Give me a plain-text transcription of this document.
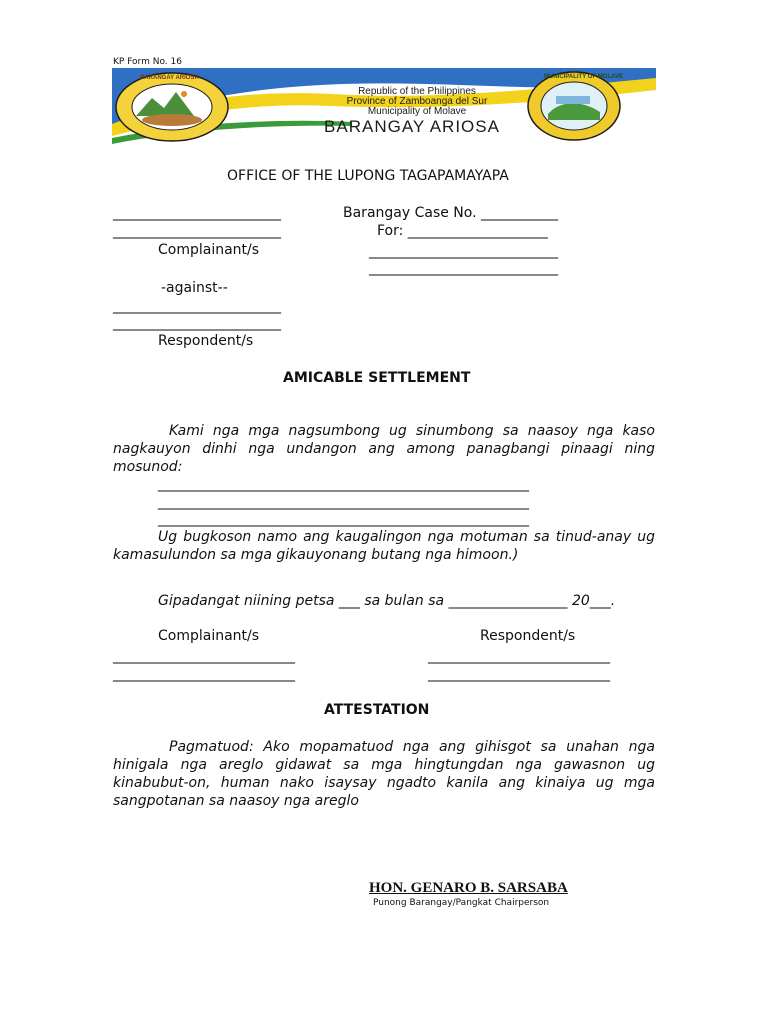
KP Form No. 16
BARANGAY ARIOSA	MUNICIPALITY OF MOLAVE
Republic of the Philippines
Province of Zamboanga del Sur
Municipality of Molave
BARANGAY ARIOSA
OFFICE OF THE LUPONG TAGAPAMAYAPA
________________________	Barangay Case No. ___________
________________________	For: ____________________
Complainant/s	___________________________
___________________________
-against--
________________________
________________________
Respondent/s
AMICABLE SETTLEMENT
Kami nga mga nagsumbong ug sinumbong sa naasoy nga kaso nagkauyon dinhi nga undangon ang among panagbangi pinaagi ning mosunod:
_____________________________________________________
_____________________________________________________
_____________________________________________________
Ug bugkoson namo ang kaugalingon nga motuman sa tinud-anay ug kamasulundon sa mga gikauyonang butang nga himoon.)
Gipadangat niining petsa ___ sa bulan sa _________________ 20___.
Complainant/s	Respondent/s
__________________________	__________________________
__________________________	__________________________
ATTESTATION
Pagmatuod: Ako mopamatuod nga ang gihisgot sa unahan nga hinigala nga areglo gidawat sa mga hingtungdan nga gawasnon ug kinabubut-on, human nako isaysay ngadto kanila ang kinaiya ug mga sangpotanan sa naasoy nga areglo
HON. GENARO B. SARSABA
Punong Barangay/Pangkat Chairperson
